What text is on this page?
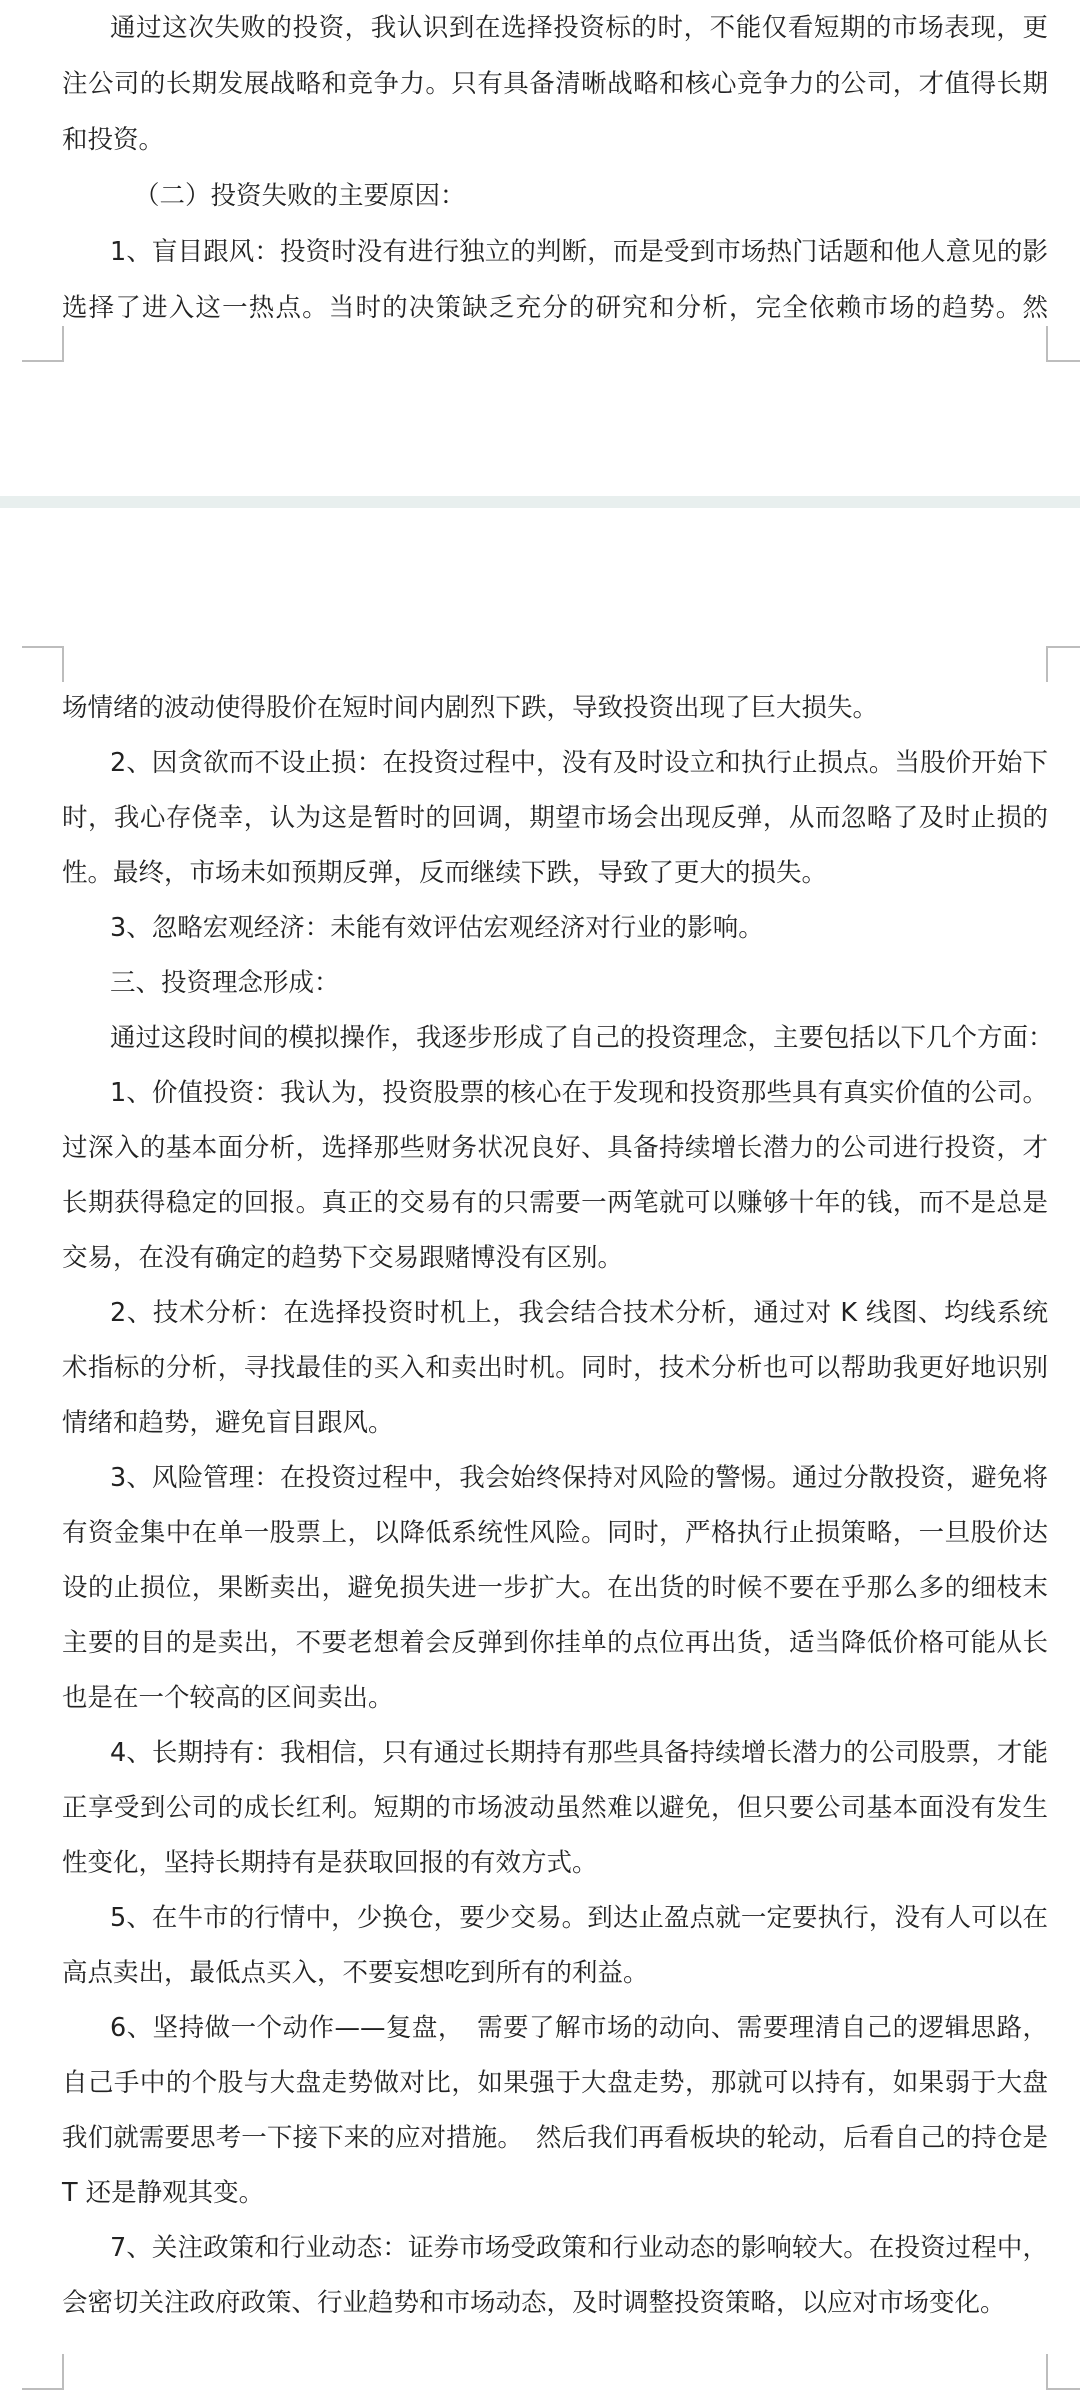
通过这次失败的投资，我认识到在选择投资标的时，不能仅看短期的市场表现，更
注公司的长期发展战略和竞争力。只有具备清晰战略和核心竞争力的公司，才值得长期
和投资。
（二）投资失败的主要原因：
1、盲目跟风：投资时没有进行独立的判断，而是受到市场热门话题和他人意见的影
选择了进入这一热点。当时的决策缺乏充分的研究和分析，完全依赖市场的趋势。然
场情绪的波动使得股价在短时间内剧烈下跌，导致投资出现了巨大损失。
2、因贪欲而不设止损：在投资过程中，没有及时设立和执行止损点。当股价开始下
时，我心存侥幸，认为这是暂时的回调，期望市场会出现反弹，从而忽略了及时止损的
性。最终，市场未如预期反弹，反而继续下跌，导致了更大的损失。
3、忽略宏观经济：未能有效评估宏观经济对行业的影响。
三、投资理念形成：
通过这段时间的模拟操作，我逐步形成了自己的投资理念，主要包括以下几个方面：
1、价值投资：我认为，投资股票的核心在于发现和投资那些具有真实价值的公司。
过深入的基本面分析，选择那些财务状况良好、具备持续增长潜力的公司进行投资，才
长期获得稳定的回报。真正的交易有的只需要一两笔就可以赚够十年的钱，而不是总是
交易，在没有确定的趋势下交易跟赌博没有区别。
2、技术分析：在选择投资时机上，我会结合技术分析，通过对 K 线图、均线系统
术指标的分析，寻找最佳的买入和卖出时机。同时，技术分析也可以帮助我更好地识别
情绪和趋势，避免盲目跟风。
3、风险管理：在投资过程中，我会始终保持对风险的警惕。通过分散投资，避免将
有资金集中在单一股票上，以降低系统性风险。同时，严格执行止损策略，一旦股价达
设的止损位，果断卖出，避免损失进一步扩大。在出货的时候不要在乎那么多的细枝末
主要的目的是卖出，不要老想着会反弹到你挂单的点位再出货，适当降低价格可能从长
也是在一个较高的区间卖出。
4、长期持有：我相信，只有通过长期持有那些具备持续增长潜力的公司股票，才能
正享受到公司的成长红利。短期的市场波动虽然难以避免，但只要公司基本面没有发生
性变化，坚持长期持有是获取回报的有效方式。
5、在牛市的行情中，少换仓，要少交易。到达止盈点就一定要执行，没有人可以在
高点卖出，最低点买入，不要妄想吃到所有的利益。
6、坚持做一个动作——复盘，　需要了解市场的动向、需要理清自己的逻辑思路，
自己手中的个股与大盘走势做对比，如果强于大盘走势，那就可以持有，如果弱于大盘
我们就需要思考一下接下来的应对措施。　然后我们再看板块的轮动，后看自己的持仓是
T 还是静观其变。
7、关注政策和行业动态：证券市场受政策和行业动态的影响较大。在投资过程中，
会密切关注政府政策、行业趋势和市场动态，及时调整投资策略，以应对市场变化。
